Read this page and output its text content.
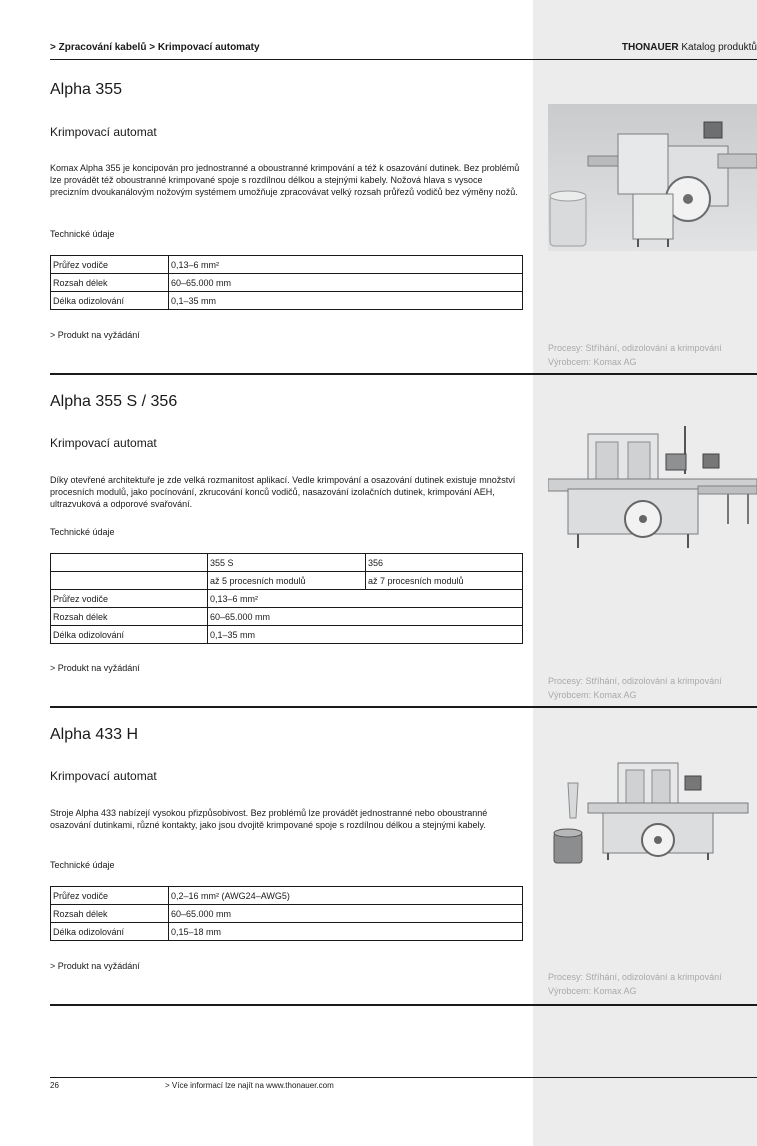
> Zpracování kabelů > Krimpovací automaty	THONAUER Katalog produktů
Alpha 355
Krimpovací automat
Komax Alpha 355 je koncipován pro jednostranné a oboustranné krimpování a též k osazování dutinek. Bez problémů lze provádět též oboustranné krimpované spoje s rozdílnou délkou a stejnými kabely. Nožová hlava s vysoce precizním dvoukanálovým nožovým systémem umožňuje zpracovávat velký rozsah průřezů vodičů bez výměny nožů.
Technické údaje
Průřez vodiče	0,13–6 mm²
Rozsah délek	60–65.000 mm
Délka odizolování	0,1–35 mm
> Produkt na vyžádání
Procesy: Stříhání, odizolování a krimpování
Výrobcem: Komax AG
Alpha 355 S / 356
Krimpovací automat
Díky otevřené architektuře je zde velká rozmanitost aplikací. Vedle krimpování a osazování dutinek existuje množství procesních modulů, jako pocínování, zkrucování konců vodičů, nasazování izolačních dutinek, krimpování AEH, ultrazvuková a odporové svařování.
Technické údaje
	355 S	356
	až 5 procesních modulů	až 7 procesních modulů
Průřez vodiče	0,13–6 mm²	
Rozsah délek	60–65.000 mm	
Délka odizolování	0,1–35 mm	
> Produkt na vyžádání
Procesy: Stříhání, odizolování a krimpování
Výrobcem: Komax AG
Alpha 433 H
Krimpovací automat
Stroje Alpha 433 nabízejí vysokou přizpůsobivost. Bez problémů lze provádět jednostranné nebo oboustranné osazování dutinkami, různé kontakty, jako jsou dvojitě krimpované spoje s rozdílnou délkou a stejnými kabely.
Technické údaje
Průřez vodiče	0,2–16 mm² (AWG24–AWG5)
Rozsah délek	60–65.000 mm
Délka odizolování	0,15–18 mm
> Produkt na vyžádání
Procesy: Stříhání, odizolování a krimpování
Výrobcem: Komax AG
26	> Více informací lze najít na www.thonauer.com
